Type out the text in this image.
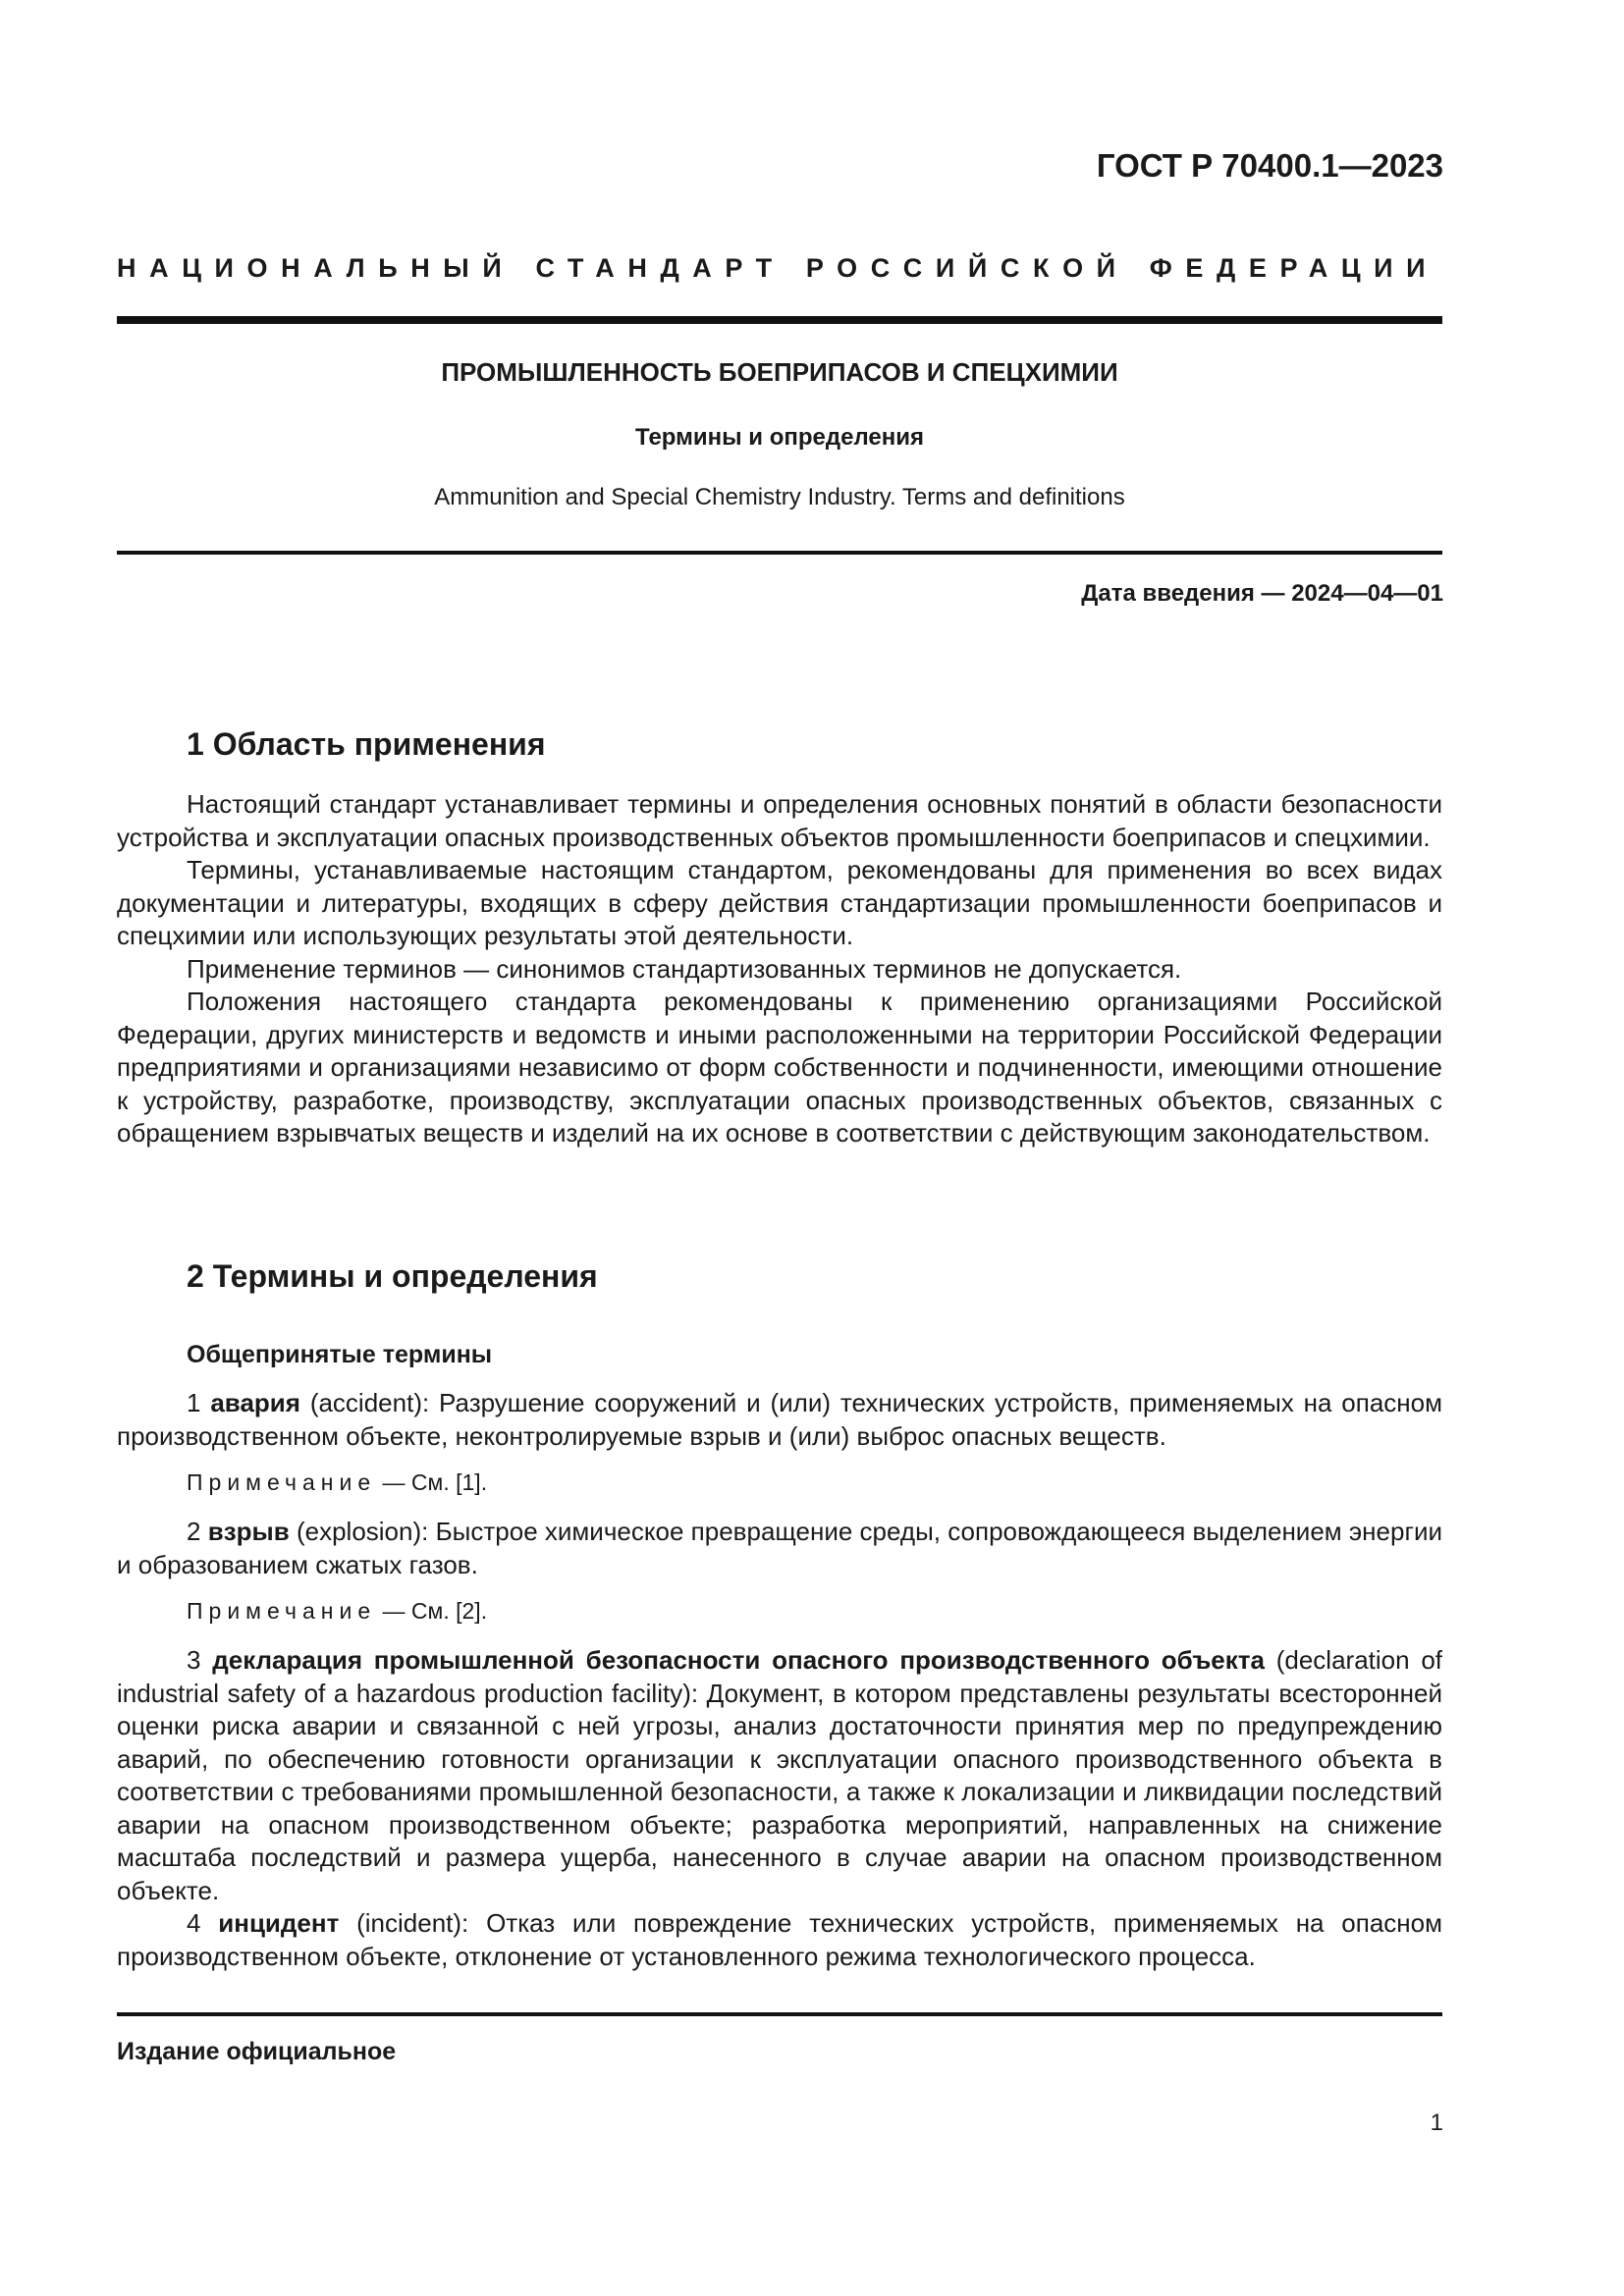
ГОСТ Р 70400.1—2023

НАЦИОНАЛЬНЫЙ СТАНДАРТ РОССИЙСКОЙ ФЕДЕРАЦИИ

ПРОМЫШЛЕННОСТЬ БОЕПРИПАСОВ И СПЕЦХИМИИ

Термины и определения

Ammunition and Special Chemistry Industry. Terms and definitions

Дата введения — 2024—04—01

1 Область применения

Настоящий стандарт устанавливает термины и определения основных понятий в области безопасности устройства и эксплуатации опасных производственных объектов промышленности боеприпасов и спецхимии.

Термины, устанавливаемые настоящим стандартом, рекомендованы для применения во всех видах документации и литературы, входящих в сферу действия стандартизации промышленности боеприпасов и спецхимии или использующих результаты этой деятельности.

Применение терминов — синонимов стандартизованных терминов не допускается.

Положения настоящего стандарта рекомендованы к применению организациями Российской Федерации, других министерств и ведомств и иными расположенными на территории Российской Федерации предприятиями и организациями независимо от форм собственности и подчиненности, имеющими отношение к устройству, разработке, производству, эксплуатации опасных производственных объектов, связанных с обращением взрывчатых веществ и изделий на их основе в соответствии с действующим законодательством.

2 Термины и определения

Общепринятые термины

1 авария (accident): Разрушение сооружений и (или) технических устройств, применяемых на опасном производственном объекте, неконтролируемые взрыв и (или) выброс опасных веществ.

Примечание — См. [1].

2 взрыв (explosion): Быстрое химическое превращение среды, сопровождающееся выделением энергии и образованием сжатых газов.

Примечание — См. [2].

3 декларация промышленной безопасности опасного производственного объекта (declaration of industrial safety of a hazardous production facility): Документ, в котором представлены результаты всесторонней оценки риска аварии и связанной с ней угрозы, анализ достаточности принятия мер по предупреждению аварий, по обеспечению готовности организации к эксплуатации опасного производственного объекта в соответствии с требованиями промышленной безопасности, а также к локализации и ликвидации последствий аварии на опасном производственном объекте; разработка мероприятий, направленных на снижение масштаба последствий и размера ущерба, нанесенного в случае аварии на опасном производственном объекте.

4 инцидент (incident): Отказ или повреждение технических устройств, применяемых на опасном производственном объекте, отклонение от установленного режима технологического процесса.

Издание официальное

1
